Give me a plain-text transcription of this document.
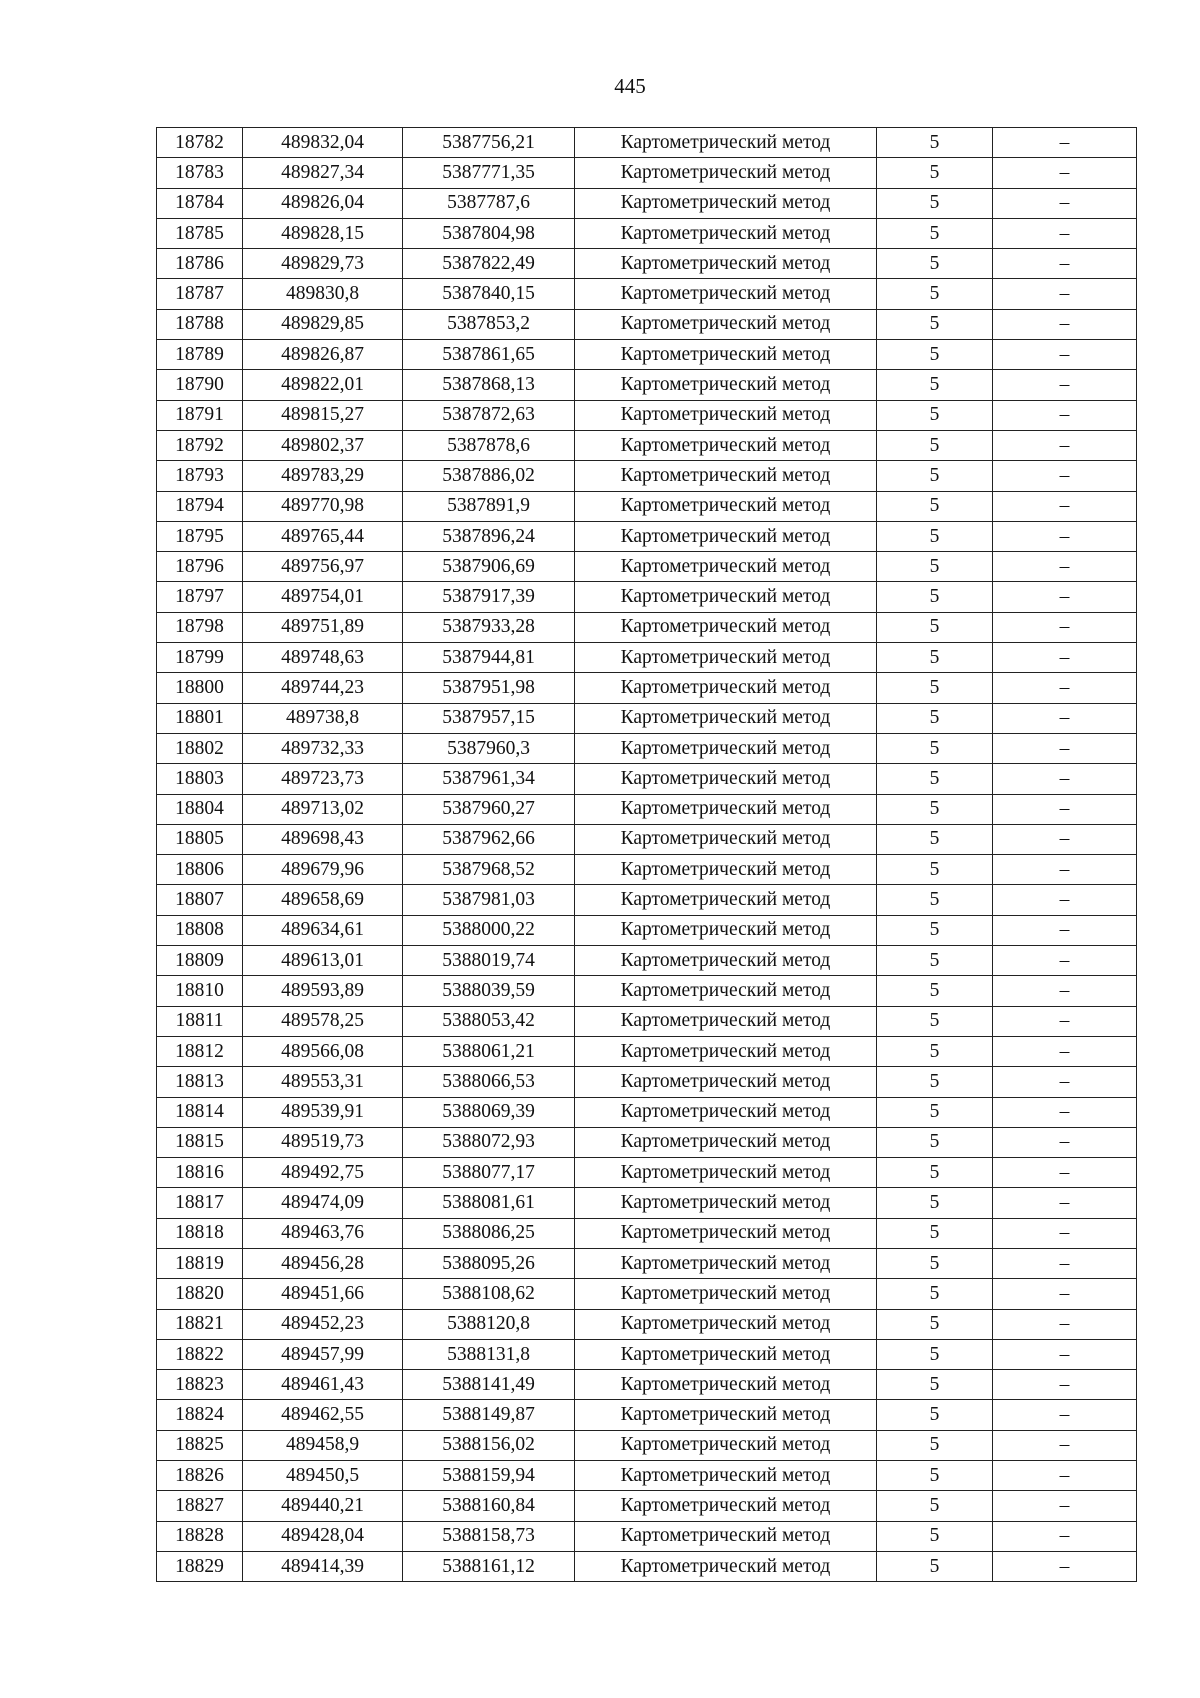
445
18782	489832,04	5387756,21	Картометрический метод	5	–
18783	489827,34	5387771,35	Картометрический метод	5	–
18784	489826,04	5387787,6	Картометрический метод	5	–
18785	489828,15	5387804,98	Картометрический метод	5	–
18786	489829,73	5387822,49	Картометрический метод	5	–
18787	489830,8	5387840,15	Картометрический метод	5	–
18788	489829,85	5387853,2	Картометрический метод	5	–
18789	489826,87	5387861,65	Картометрический метод	5	–
18790	489822,01	5387868,13	Картометрический метод	5	–
18791	489815,27	5387872,63	Картометрический метод	5	–
18792	489802,37	5387878,6	Картометрический метод	5	–
18793	489783,29	5387886,02	Картометрический метод	5	–
18794	489770,98	5387891,9	Картометрический метод	5	–
18795	489765,44	5387896,24	Картометрический метод	5	–
18796	489756,97	5387906,69	Картометрический метод	5	–
18797	489754,01	5387917,39	Картометрический метод	5	–
18798	489751,89	5387933,28	Картометрический метод	5	–
18799	489748,63	5387944,81	Картометрический метод	5	–
18800	489744,23	5387951,98	Картометрический метод	5	–
18801	489738,8	5387957,15	Картометрический метод	5	–
18802	489732,33	5387960,3	Картометрический метод	5	–
18803	489723,73	5387961,34	Картометрический метод	5	–
18804	489713,02	5387960,27	Картометрический метод	5	–
18805	489698,43	5387962,66	Картометрический метод	5	–
18806	489679,96	5387968,52	Картометрический метод	5	–
18807	489658,69	5387981,03	Картометрический метод	5	–
18808	489634,61	5388000,22	Картометрический метод	5	–
18809	489613,01	5388019,74	Картометрический метод	5	–
18810	489593,89	5388039,59	Картометрический метод	5	–
18811	489578,25	5388053,42	Картометрический метод	5	–
18812	489566,08	5388061,21	Картометрический метод	5	–
18813	489553,31	5388066,53	Картометрический метод	5	–
18814	489539,91	5388069,39	Картометрический метод	5	–
18815	489519,73	5388072,93	Картометрический метод	5	–
18816	489492,75	5388077,17	Картометрический метод	5	–
18817	489474,09	5388081,61	Картометрический метод	5	–
18818	489463,76	5388086,25	Картометрический метод	5	–
18819	489456,28	5388095,26	Картометрический метод	5	–
18820	489451,66	5388108,62	Картометрический метод	5	–
18821	489452,23	5388120,8	Картометрический метод	5	–
18822	489457,99	5388131,8	Картометрический метод	5	–
18823	489461,43	5388141,49	Картометрический метод	5	–
18824	489462,55	5388149,87	Картометрический метод	5	–
18825	489458,9	5388156,02	Картометрический метод	5	–
18826	489450,5	5388159,94	Картометрический метод	5	–
18827	489440,21	5388160,84	Картометрический метод	5	–
18828	489428,04	5388158,73	Картометрический метод	5	–
18829	489414,39	5388161,12	Картометрический метод	5	–
